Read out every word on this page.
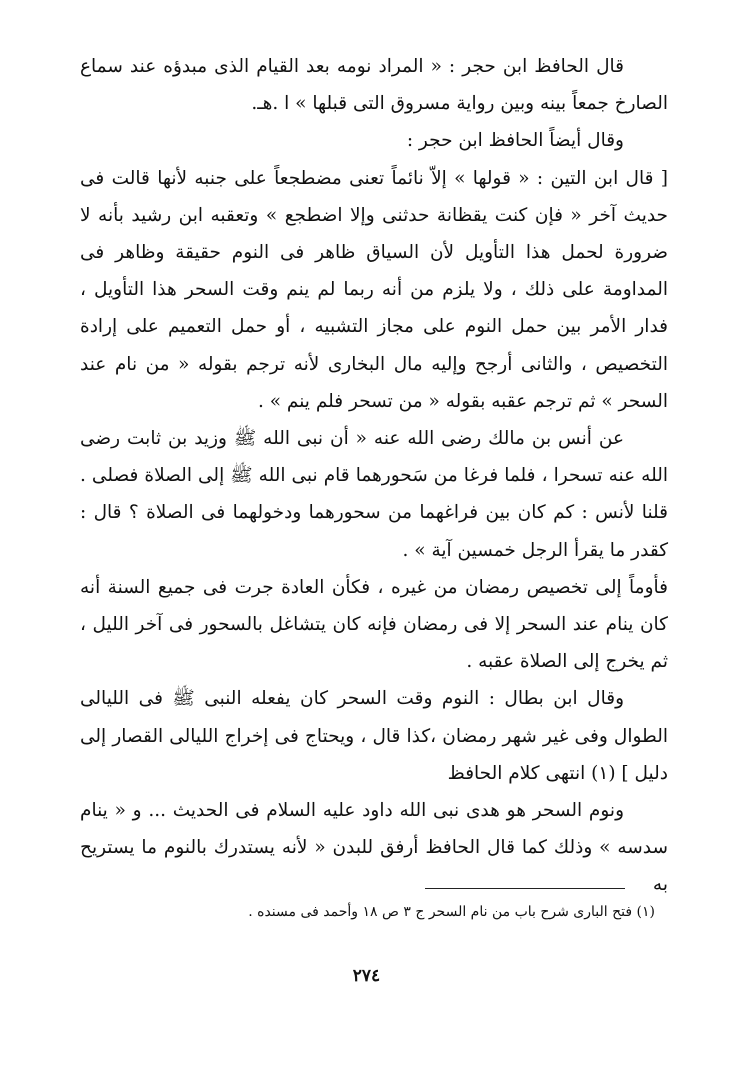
قال الحافظ ابن حجر : « المراد نومه بعد القيام الذى مبدؤه عند سماع الصارخ جمعاً بينه وبين رواية مسروق التى قبلها » ا .هـ.

وقال أيضاً الحافظ ابن حجر :

[ قال ابن التين : « قولها » إلاّ نائماً تعنى مضطجعاً على جنبه لأنها قالت فى حديث آخر « فإن كنت يقظانة حدثنى وإلا اضطجع » وتعقبه ابن رشيد بأنه لا ضرورة لحمل هذا التأويل لأن السياق ظاهر فى النوم حقيقة وظاهر فى المداومة على ذلك ، ولا يلزم من أنه ربما لم ينم وقت السحر هذا التأويل ، فدار الأمر بين حمل النوم على مجاز التشبيه ، أو حمل التعميم على إرادة التخصيص ، والثانى أرجح وإليه مال البخارى لأنه ترجم بقوله « من نام عند السحر » ثم ترجم عقبه بقوله « من تسحر فلم ينم » .

عن أنس بن مالك رضى الله عنه « أن نبى الله ﷺ وزيد بن ثابت رضى الله عنه تسحرا ، فلما فرغا من سَحورهما قام نبى الله ﷺ إلى الصلاة فصلى . قلنا لأنس : كم كان بين فراغهما من سحورهما ودخولهما فى الصلاة ؟ قال : كقدر ما يقرأ الرجل خمسين آية » .

فأوماً إلى تخصيص رمضان من غيره ، فكأن العادة جرت فى جميع السنة أنه كان ينام عند السحر إلا فى رمضان فإنه كان يتشاغل بالسحور فى آخر الليل ، ثم يخرج إلى الصلاة عقبه .

وقال ابن بطال : النوم وقت السحر كان يفعله النبى ﷺ فى الليالى الطوال وفى غير شهر رمضان ،كذا قال ، ويحتاج فى إخراج الليالى القصار إلى دليل ] (١) انتهى كلام الحافظ

ونوم السحر هو هدى نبى الله داود عليه السلام فى الحديث ... و « ينام سدسه » وذلك كما قال الحافظ أرفق للبدن « لأنه يستدرك بالنوم ما يستريح به

(١) فتح البارى شرح باب من نام السحر ج ٣ ص ١٨ وأحمد فى مسنده .
٢٧٤
